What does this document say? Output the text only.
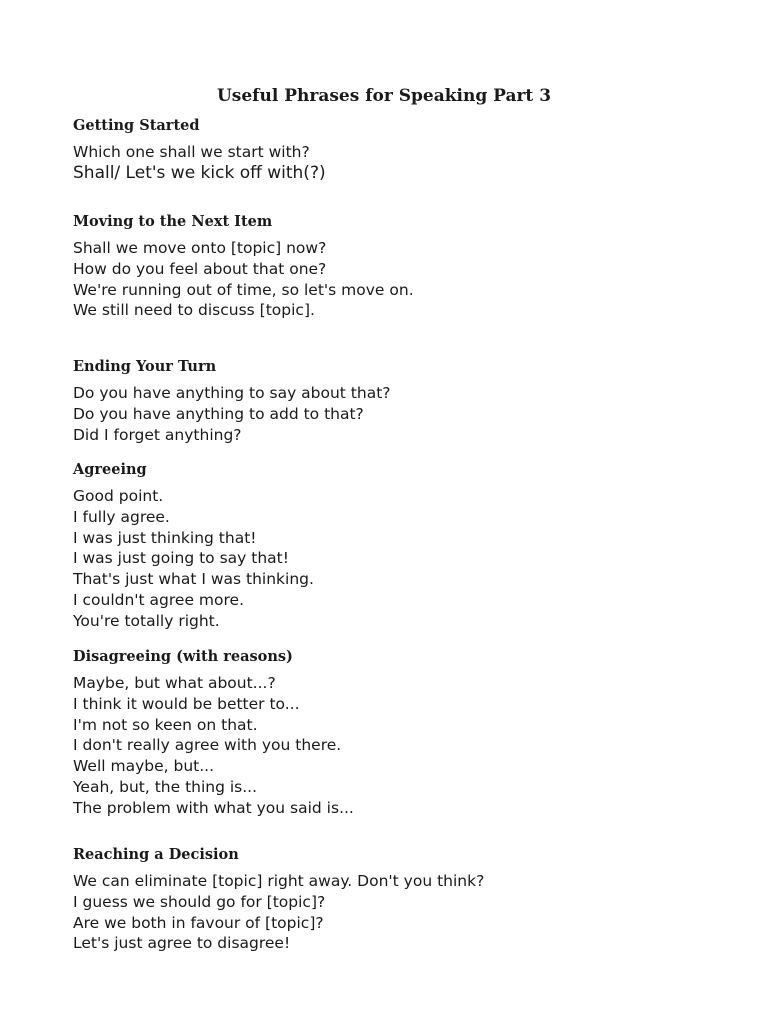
Useful Phrases for Speaking Part 3
Getting Started

Which one shall we start with?

Shall/ Let's we kick off with(?)

Moving to the Next Item

Shall we move onto [topic] now?

How do you feel about that one?

We're running out of time, so let's move on.

We still need to discuss [topic].

Ending Your Turn

Do you have anything to say about that?

Do you have anything to add to that?

Did I forget anything?

Agreeing

Good point.

I fully agree.

I was just thinking that!

I was just going to say that!

That's just what I was thinking.

I couldn't agree more.

You're totally right.

Disagreeing (with reasons)

Maybe, but what about...?

I think it would be better to...

I'm not so keen on that.

I don't really agree with you there.

Well maybe, but...

Yeah, but, the thing is...

The problem with what you said is...

Reaching a Decision

We can eliminate [topic] right away. Don't you think?

I guess we should go for [topic]?

Are we both in favour of [topic]?

Let's just agree to disagree!
